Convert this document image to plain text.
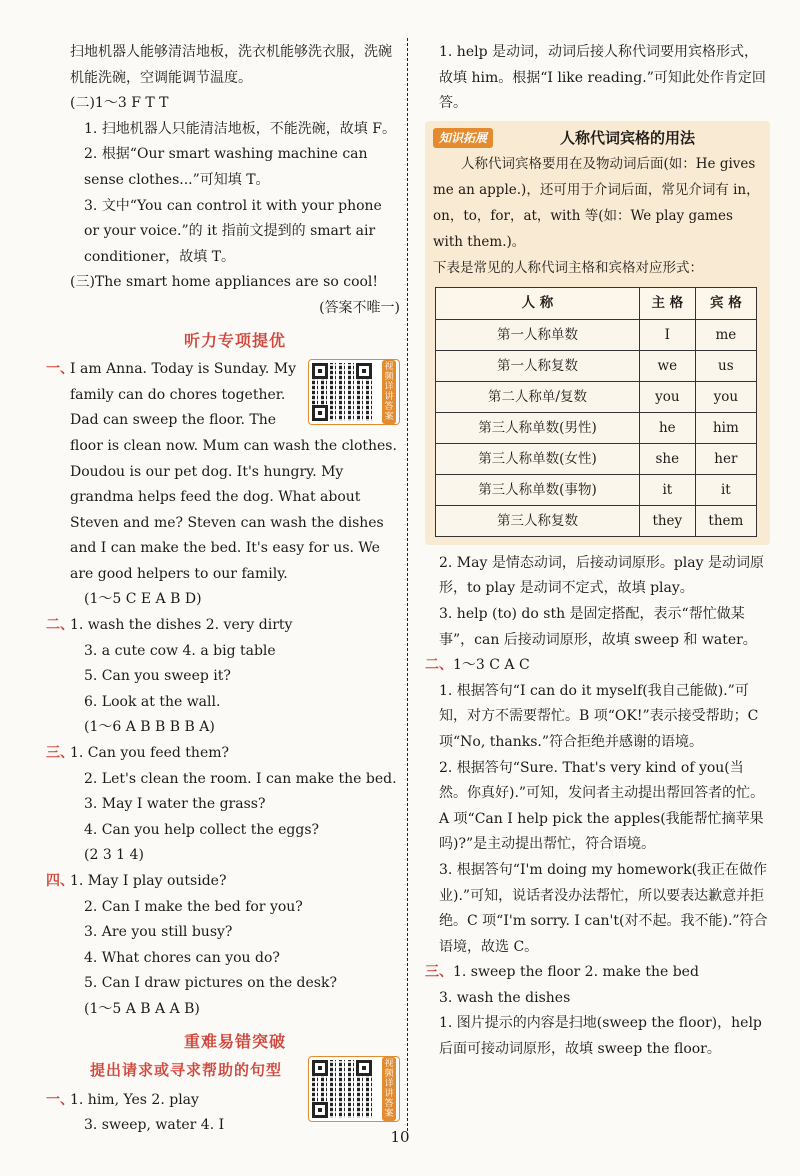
扫地机器人能够清洁地板，洗衣机能够洗衣服，洗碗机能洗碗，空调能调节温度。

(二)1～3 F T T

1. 扫地机器人只能清洁地板，不能洗碗，故填 F。

2. 根据“Our smart washing machine can sense clothes...”可知填 T。

3. 文中“You can control it with your phone or your voice.”的 it 指前文提到的 smart air conditioner，故填 T。

(三)The smart home appliances are so cool!

(答案不唯一)

听力专项提优
视频详讲答案

一、I am Anna. Today is Sunday. My family can do chores together. Dad can sweep the floor. The floor is clean now. Mum can wash the clothes. Doudou is our pet dog. It's hungry. My grandma helps feed the dog. What about Steven and me? Steven can wash the dishes and I can make the bed. It's easy for us. We are good helpers to our family.

(1～5 C E A B D)

二、1. wash the dishes 2. very dirty

3. a cute cow 4. a big table

5. Can you sweep it?

6. Look at the wall.

(1～6 A B B B B A)

三、1. Can you feed them?

2. Let's clean the room. I can make the bed.

3. May I water the grass?

4. Can you help collect the eggs?

(2 3 1 4)

四、1. May I play outside?

2. Can I make the bed for you?

3. Are you still busy?

4. What chores can you do?

5. Can I draw pictures on the desk?

(1～5 A B A A B)

重难易错突破
视频详讲答案
提出请求或寻求帮助的句型

一、1. him, Yes 2. play

3. sweep, water 4. I

1. help 是动词，动词后接人称代词要用宾格形式，故填 him。根据“I like reading.”可知此处作肯定回答。

知识拓展	人称代词宾格的用法

人称代词宾格要用在及物动词后面(如：He gives me an apple.)，还可用于介词后面，常见介词有 in，on，to，for，at，with 等(如：We play games with them.)。

下表是常见的人称代词主格和宾格对应形式：

人 称	主 格	宾 格
第一人称单数	I	me
第一人称复数	we	us
第二人称单/复数	you	you
第三人称单数(男性)	he	him
第三人称单数(女性)	she	her
第三人称单数(事物)	it	it
第三人称复数	they	them

2. May 是情态动词，后接动词原形。play 是动词原形，to play 是动词不定式，故填 play。

3. help (to) do sth 是固定搭配，表示“帮忙做某事”，can 后接动词原形，故填 sweep 和 water。

二、1～3 C A C

1. 根据答句“I can do it myself(我自己能做).”可知，对方不需要帮忙。B 项“OK!”表示接受帮助；C 项“No, thanks.”符合拒绝并感谢的语境。

2. 根据答句“Sure. That's very kind of you(当然。你真好).”可知，发问者主动提出帮回答者的忙。A 项“Can I help pick the apples(我能帮忙摘苹果吗)?”是主动提出帮忙，符合语境。

3. 根据答句“I'm doing my homework(我正在做作业).”可知，说话者没办法帮忙，所以要表达歉意并拒绝。C 项“I'm sorry. I can't(对不起。我不能).”符合语境，故选 C。

三、1. sweep the floor 2. make the bed

3. wash the dishes

1. 图片提示的内容是扫地(sweep the floor)，help 后面可接动词原形，故填 sweep the floor。

10
